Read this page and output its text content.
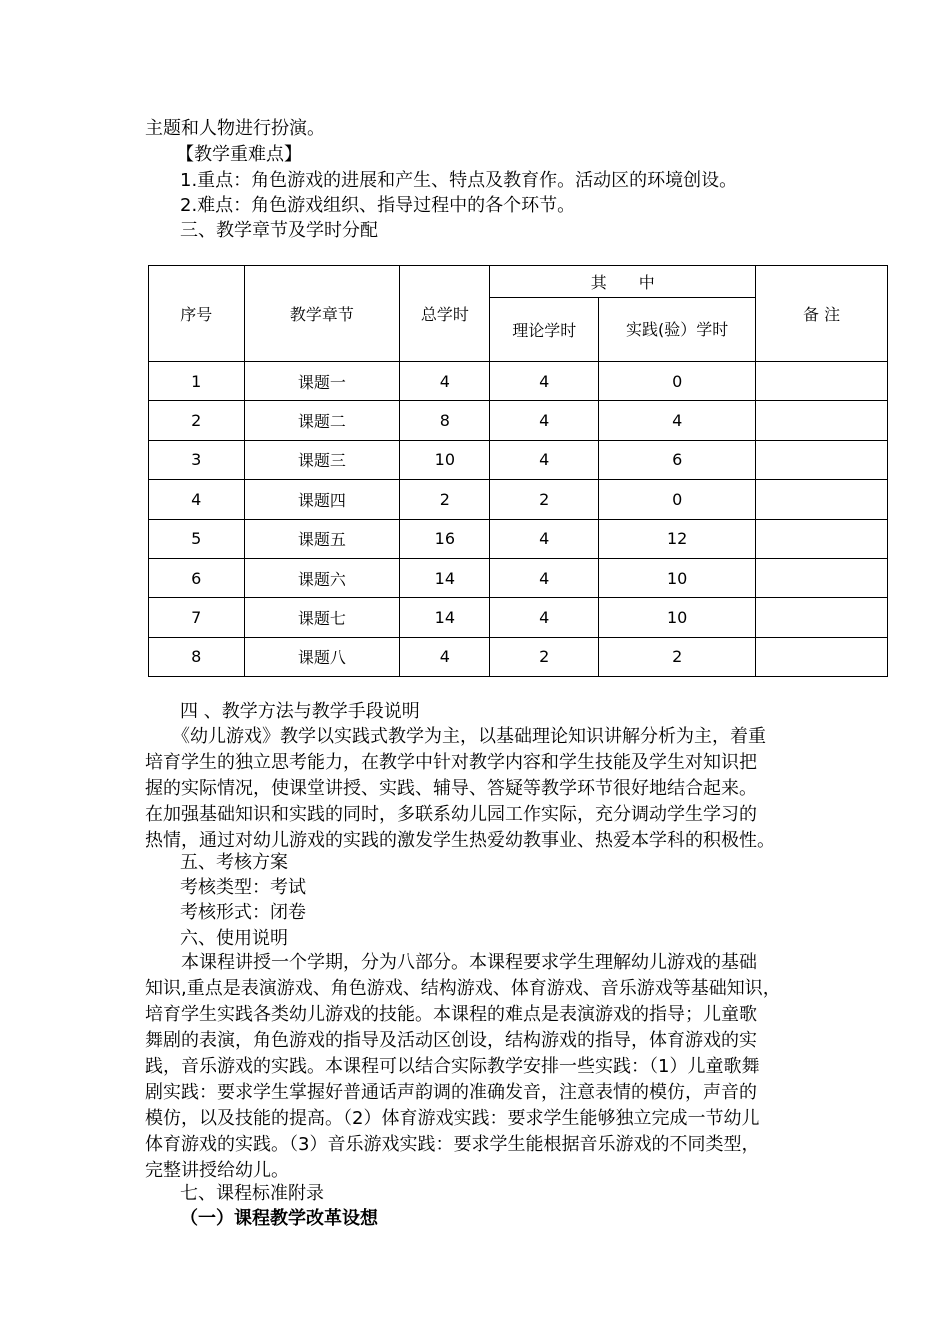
主题和人物进行扮演。
【教学重难点】
1.重点：角色游戏的进展和产生、特点及教育作。活动区的环境创设。
2.难点：角色游戏组织、指导过程中的各个环节。
三、教学章节及学时分配
序号	教学章节	总学时	其　　中		备 注
			理论学时	实践(验）学时	
1	课题一	4	4	0	
2	课题二	8	4	4	
3	课题三	10	4	6	
4	课题四	2	2	0	
5	课题五	16	4	12	
6	课题六	14	4	10	
7	课题七	14	4	10	
8	课题八	4	2	2	
四 、教学方法与教学手段说明
　　《幼儿游戏》教学以实践式教学为主，以基础理论知识讲解分析为主，着重
培育学生的独立思考能力，在教学中针对教学内容和学生技能及学生对知识把
握的实际情况，使课堂讲授、实践、辅导、答疑等教学环节很好地结合起来。
在加强基础知识和实践的同时，多联系幼儿园工作实际，充分调动学生学习的
热情，通过对幼儿游戏的实践的激发学生热爱幼教事业、热爱本学科的积极性。
五、考核方案
考核类型：考试
考核形式：闭卷
六、使用说明
　　本课程讲授一个学期，分为八部分。本课程要求学生理解幼儿游戏的基础
知识,重点是表演游戏、角色游戏、结构游戏、体育游戏、音乐游戏等基础知识，
培育学生实践各类幼儿游戏的技能。本课程的难点是表演游戏的指导；儿童歌
舞剧的表演，角色游戏的指导及活动区创设，结构游戏的指导，体育游戏的实
践，音乐游戏的实践。本课程可以结合实际教学安排一些实践：（1）儿童歌舞
剧实践：要求学生掌握好普通话声韵调的准确发音，注意表情的模仿，声音的
模仿，以及技能的提高。（2）体育游戏实践：要求学生能够独立完成一节幼儿
体育游戏的实践。（3）音乐游戏实践：要求学生能根据音乐游戏的不同类型，
完整讲授给幼儿。
七、课程标准附录
（一）课程教学改革设想
